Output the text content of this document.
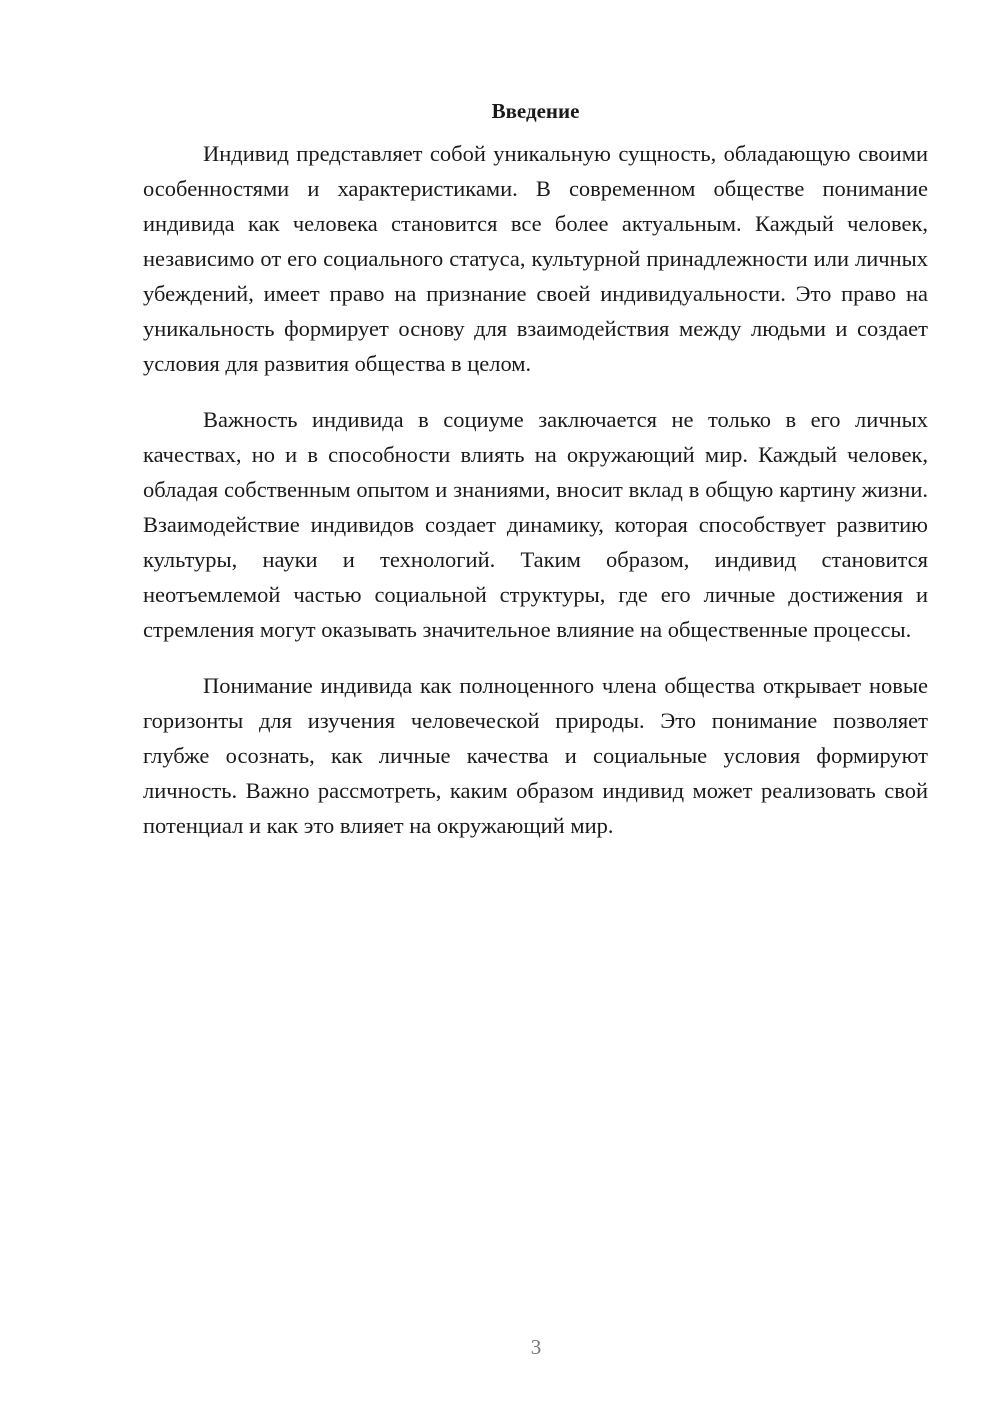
Введение

Индивид представляет собой уникальную сущность, обладающую своими особенностями и характеристиками. В современном обществе понимание индивида как человека становится все более актуальным. Каждый человек, независимо от его социального статуса, культурной принадлежности или личных убеждений, имеет право на признание своей индивидуальности. Это право на уникальность формирует основу для взаимодействия между людьми и создает условия для развития общества в целом.

Важность индивида в социуме заключается не только в его личных качествах, но и в способности влиять на окружающий мир. Каждый человек, обладая собственным опытом и знаниями, вносит вклад в общую картину жизни. Взаимодействие индивидов создает динамику, которая способствует развитию культуры, науки и технологий. Таким образом, индивид становится неотъемлемой частью социальной структуры, где его личные достижения и стремления могут оказывать значительное влияние на общественные процессы.

Понимание индивида как полноценного члена общества открывает новые горизонты для изучения человеческой природы. Это понимание позволяет глубже осознать, как личные качества и социальные условия формируют личность. Важно рассмотреть, каким образом индивид может реализовать свой потенциал и как это влияет на окружающий мир.

3
